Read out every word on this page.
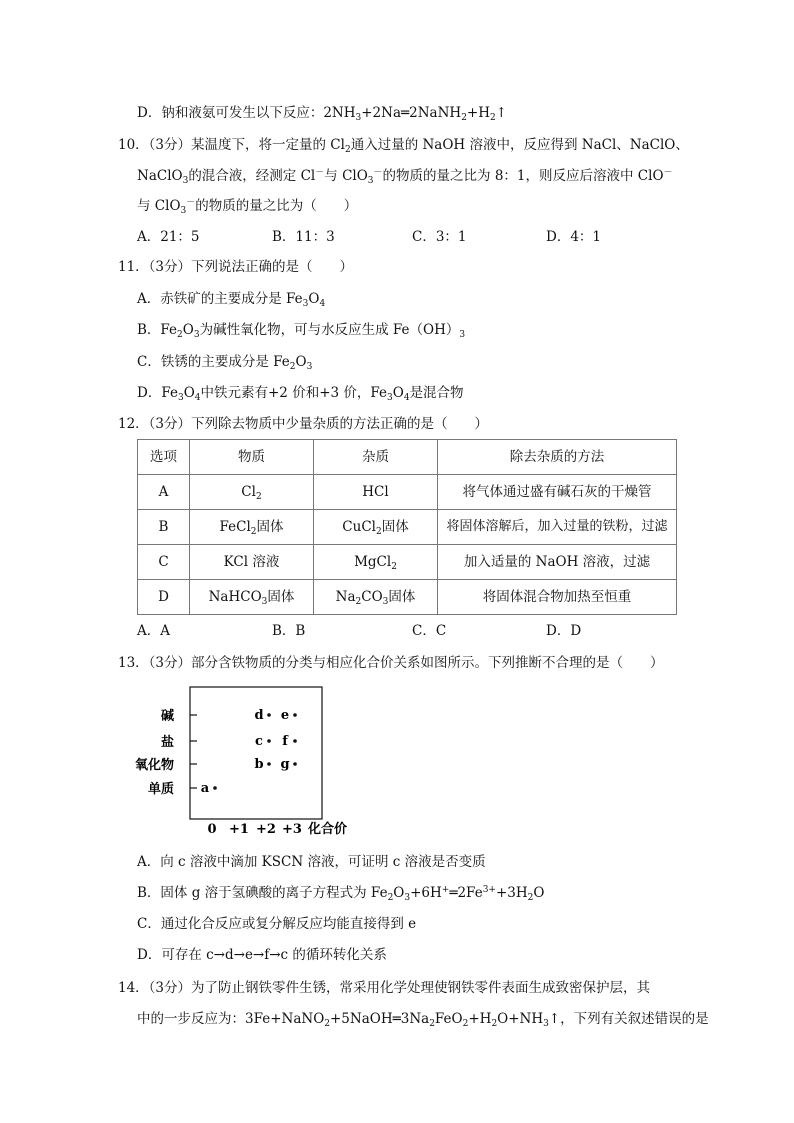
D．钠和液氨可发生以下反应：$2NH_3+2Na═2NaNH_2+H_2↑$
10．（3分）某温度下，将一定量的 $Cl_2$通入过量的 NaOH 溶液中，反应得到 NaCl、NaClO、
NaClO$_3$的混合液，经测定 Cl－与 ClO$_3$－的物质的量之比为 8：1，则反应后溶液中 ClO－
与 ClO$_3$－的物质的量之比为（　　）
A．21：5	B．11：3	C．3：1	D．4：1
11．（3分）下列说法正确的是（　　）
A．赤铁矿的主要成分是 $Fe_3O_4$
B．$Fe_2O_3$为碱性氧化物，可与水反应生成 $Fe(OH)_3$
C．铁锈的主要成分是 $Fe_2O_3$
D．$Fe_3O_4$中铁元素有+2 价和+3 价，$Fe_3O_4$是混合物
12．（3分）下列除去物质中少量杂质的方法正确的是（　　）
选项	物质	杂质	除去杂质的方法
A	$Cl_2$	HCl	将气体通过盛有碱石灰的干燥管
B	FeCl$_2$固体	CuCl$_2$固体	将固体溶解后，加入过量的铁粉，过滤
C	KCl 溶液	MgCl$_2$	加入适量的 NaOH 溶液，过滤
D	NaHCO$_3$固体	$Na_2CO_3$固体	将固体混合物加热至恒重
A．A	B．B	C．C	D．D
13．（3分）部分含铁物质的分类与相应化合价关系如图所示。下列推断不合理的是（　　）
单质
氧化物
盐
碱
0 +1 +2 +3
a
b
c
d e
f
g
化合价
A．向 c 溶液中滴加 KSCN 溶液，可证明 c 溶液是否变质
B．固体 g 溶于氢碘酸的离子方程式为 $Fe_2O_3+6H^+═2Fe^{3+}+3H_2O$
C．通过化合反应或复分解反应均能直接得到 e
D．可存在 c→d→e→f→c 的循环转化关系
14．（3分）为了防止钢铁零件生锈，常采用化学处理使钢铁零件表面生成致密保护层，其
中的一步反应为：$3Fe+NaNO_2+5NaOH═3Na_2FeO_2+H_2O+NH_3↑$，下列有关叙述错误的是
